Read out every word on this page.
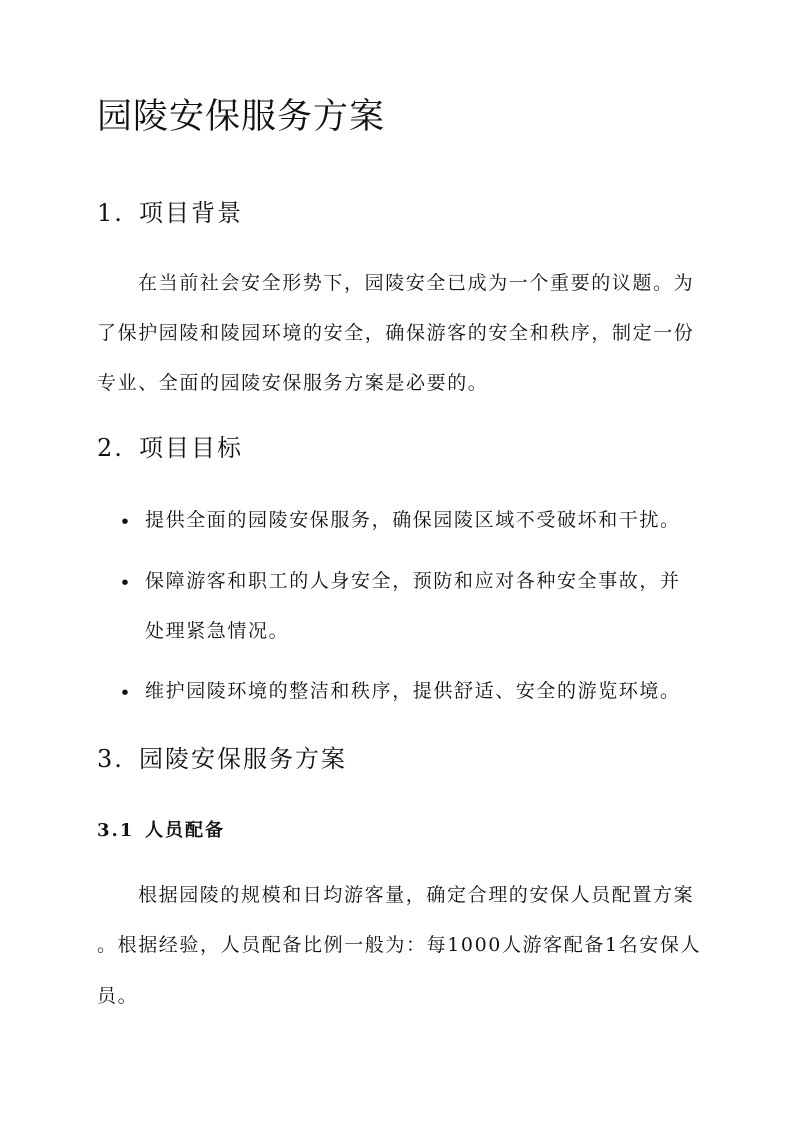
园陵安保服务方案
1. 项目背景
在当前社会安全形势下，园陵安全已成为一个重要的议题。为
了保护园陵和陵园环境的安全，确保游客的安全和秩序，制定一份
专业、全面的园陵安保服务方案是必要的。
2. 项目目标
• 提供全面的园陵安保服务，确保园陵区域不受破坏和干扰。
• 保障游客和职工的人身安全，预防和应对各种安全事故，并
处理紧急情况。
• 维护园陵环境的整洁和秩序，提供舒适、安全的游览环境。
3. 园陵安保服务方案
3.1 人员配备
根据园陵的规模和日均游客量，确定合理的安保人员配置方案
。根据经验，人员配备比例一般为：每1000人游客配备1名安保人
员。
